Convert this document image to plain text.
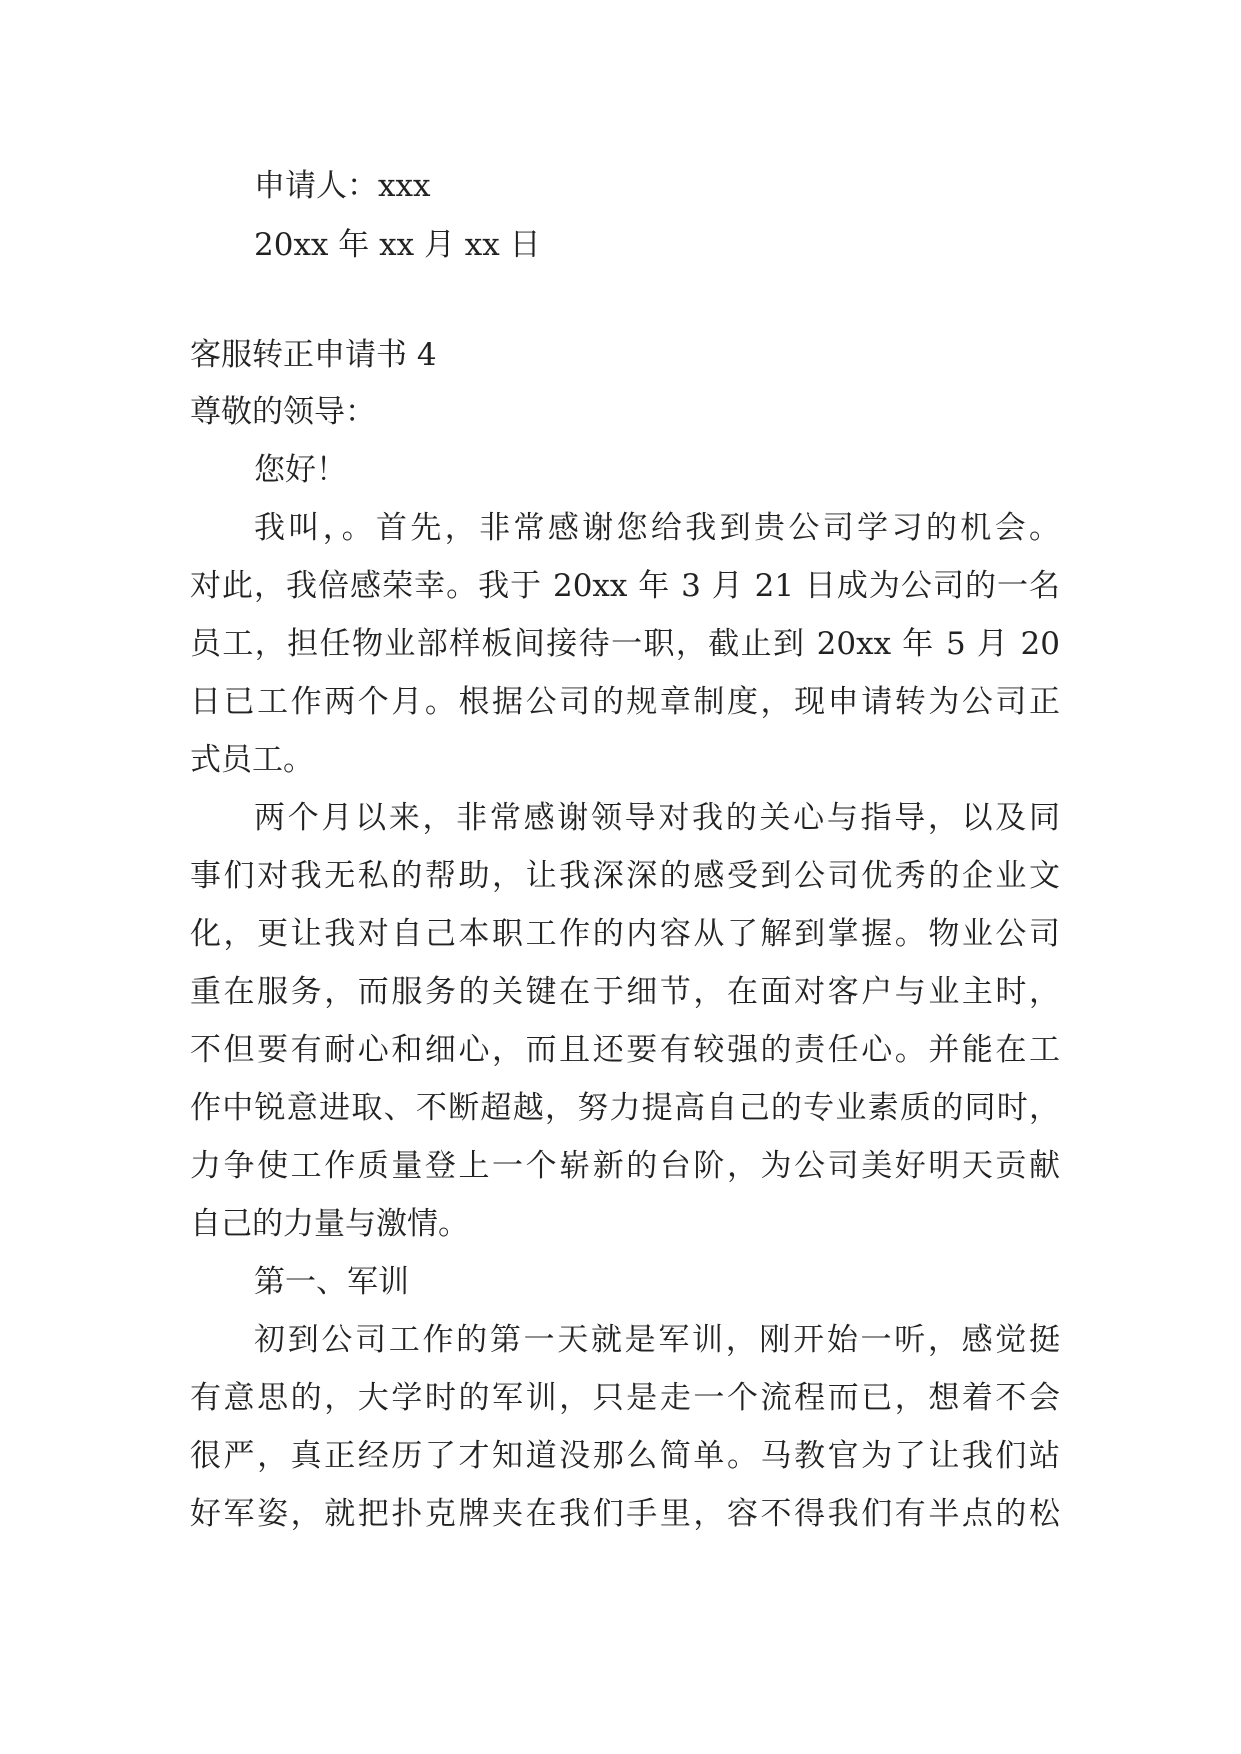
申请人：xxx
20xx 年 xx 月 xx 日
客服转正申请书 4
尊敬的领导：
您好！
我叫，。首先，非常感谢您给我到贵公司学习的机会。
对此，我倍感荣幸。我于 20xx 年 3 月 21 日成为公司的一名
员工，担任物业部样板间接待一职，截止到 20xx 年 5 月 20
日已工作两个月。根据公司的规章制度，现申请转为公司正
式员工。
两个月以来，非常感谢领导对我的关心与指导，以及同
事们对我无私的帮助，让我深深的感受到公司优秀的企业文
化，更让我对自己本职工作的内容从了解到掌握。物业公司
重在服务，而服务的关键在于细节，在面对客户与业主时，
不但要有耐心和细心，而且还要有较强的责任心。并能在工
作中锐意进取、不断超越，努力提高自己的专业素质的同时，
力争使工作质量登上一个崭新的台阶，为公司美好明天贡献
自己的力量与激情。
第一、军训
初到公司工作的第一天就是军训，刚开始一听，感觉挺
有意思的，大学时的军训，只是走一个流程而已，想着不会
很严，真正经历了才知道没那么简单。马教官为了让我们站
好军姿，就把扑克牌夹在我们手里，容不得我们有半点的松
